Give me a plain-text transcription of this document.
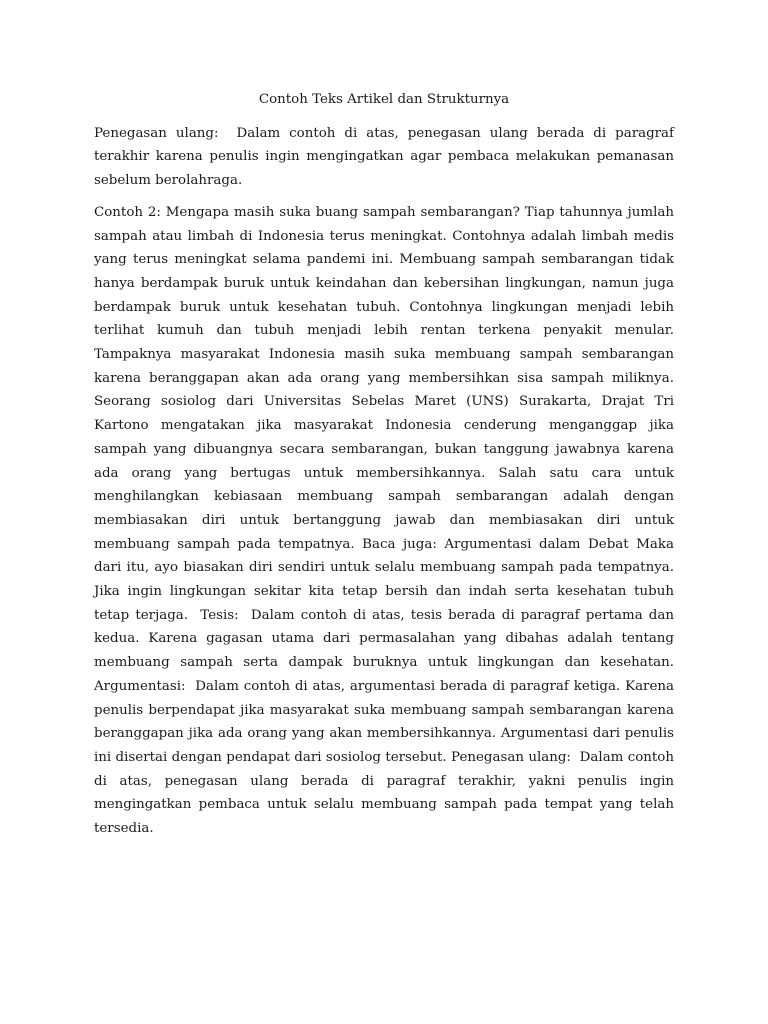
Contoh Teks Artikel dan Strukturnya

Penegasan ulang:  Dalam contoh di atas, penegasan ulang berada di paragraf terakhir karena penulis ingin mengingatkan agar pembaca melakukan pemanasan sebelum berolahraga.

Contoh 2: Mengapa masih suka buang sampah sembarangan? Tiap tahunnya jumlah sampah atau limbah di Indonesia terus meningkat. Contohnya adalah limbah medis yang terus meningkat selama pandemi ini. Membuang sampah sembarangan tidak hanya berdampak buruk untuk keindahan dan kebersihan lingkungan, namun juga berdampak buruk untuk kesehatan tubuh. Contohnya lingkungan menjadi lebih terlihat kumuh dan tubuh menjadi lebih rentan terkena penyakit menular. Tampaknya masyarakat Indonesia masih suka membuang sampah sembarangan karena beranggapan akan ada orang yang membersihkan sisa sampah miliknya. Seorang sosiolog dari Universitas Sebelas Maret (UNS) Surakarta, Drajat Tri Kartono mengatakan jika masyarakat Indonesia cenderung menganggap jika sampah yang dibuangnya secara sembarangan, bukan tanggung jawabnya karena ada orang yang bertugas untuk membersihkannya. Salah satu cara untuk menghilangkan kebiasaan membuang sampah sembarangan adalah dengan membiasakan diri untuk bertanggung jawab dan membiasakan diri untuk membuang sampah pada tempatnya. Baca juga: Argumentasi dalam Debat Maka dari itu, ayo biasakan diri sendiri untuk selalu membuang sampah pada tempatnya. Jika ingin lingkungan sekitar kita tetap bersih dan indah serta kesehatan tubuh tetap terjaga.  Tesis:  Dalam contoh di atas, tesis berada di paragraf pertama dan kedua. Karena gagasan utama dari permasalahan yang dibahas adalah tentang membuang sampah serta dampak buruknya untuk lingkungan dan kesehatan. Argumentasi:  Dalam contoh di atas, argumentasi berada di paragraf ketiga. Karena penulis berpendapat jika masyarakat suka membuang sampah sembarangan karena beranggapan jika ada orang yang akan membersihkannya. Argumentasi dari penulis ini disertai dengan pendapat dari sosiolog tersebut. Penegasan ulang:  Dalam contoh di atas, penegasan ulang berada di paragraf terakhir, yakni penulis ingin mengingatkan pembaca untuk selalu membuang sampah pada tempat yang telah tersedia.
